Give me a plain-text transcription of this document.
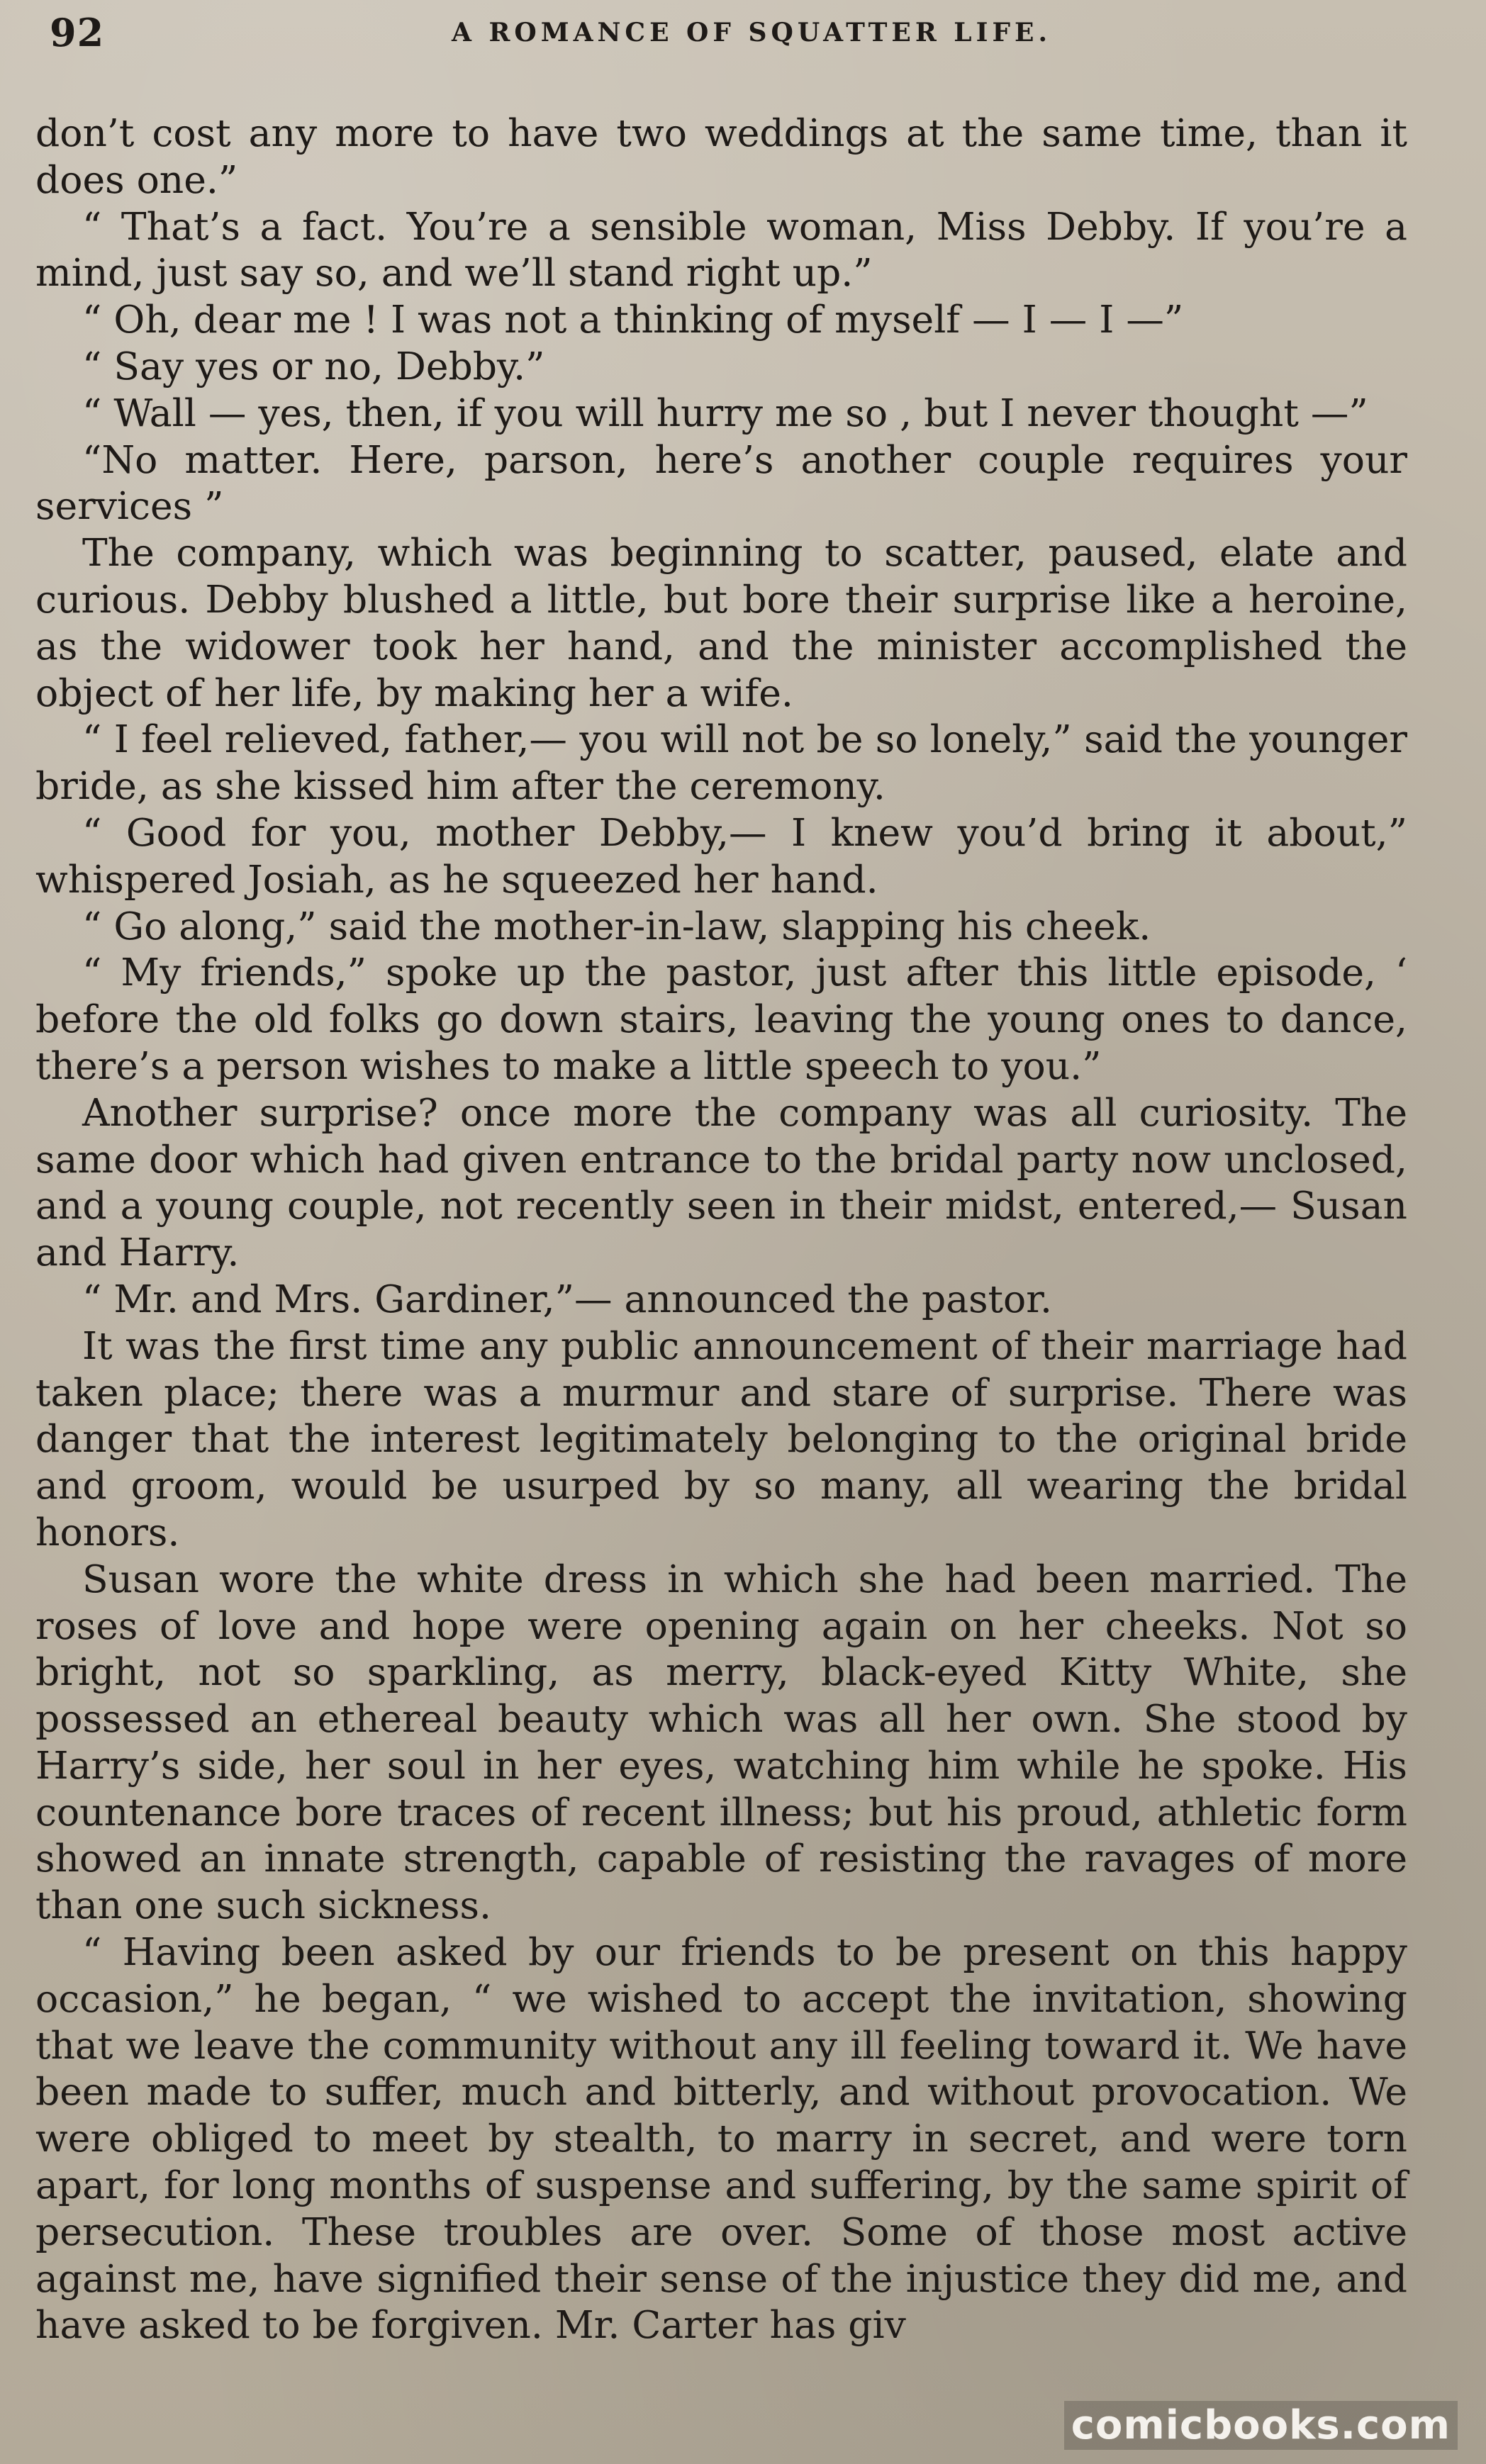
92	A ROMANCE OF SQUATTER LIFE.

don’t cost any more to have two weddings at the same time, than it does one.”

“ That’s a fact. You’re a sensible woman, Miss Debby. If you’re a mind, just say so, and we’ll stand right up.”

“ Oh, dear me ! I was not a thinking of myself — I — I —”

“ Say yes or no, Debby.”

“ Wall — yes, then, if you will hurry me so , but I never thought —”

“No matter. Here, parson, here’s another couple requires your services ”

The company, which was beginning to scatter, paused, elate and curious. Debby blushed a little, but bore their surprise like a heroine, as the widower took her hand, and the minister accomplished the object of her life, by making her a wife.

“ I feel relieved, father,— you will not be so lonely,” said the younger bride, as she kissed him after the ceremony.

“ Good for you, mother Debby,— I knew you’d bring it about,” whispered Josiah, as he squeezed her hand.

“ Go along,” said the mother-in-law, slapping his cheek.

“ My friends,” spoke up the pastor, just after this little episode, ‘ before the old folks go down stairs, leaving the young ones to dance, there’s a person wishes to make a little speech to you.”

Another surprise? once more the company was all curiosity. The same door which had given entrance to the bridal party now unclosed, and a young couple, not recently seen in their midst, entered,— Susan and Harry.

“ Mr. and Mrs. Gardiner,”— announced the pastor.

It was the first time any public announcement of their marriage had taken place; there was a murmur and stare of surprise. There was danger that the interest legitimately belonging to the original bride and groom, would be usurped by so many, all wearing the bridal honors.

Susan wore the white dress in which she had been married. The roses of love and hope were opening again on her cheeks. Not so bright, not so sparkling, as merry, black-eyed Kitty White, she possessed an ethereal beauty which was all her own. She stood by Harry’s side, her soul in her eyes, watching him while he spoke. His countenance bore traces of recent illness; but his proud, athletic form showed an innate strength, capable of resisting the ravages of more than one such sickness.

“ Having been asked by our friends to be present on this happy occasion,” he began, “ we wished to accept the invitation, showing that we leave the community without any ill feeling toward it. We have been made to suffer, much and bitterly, and without provocation. We were obliged to meet by stealth, to marry in secret, and were torn apart, for long months of suspense and suffering, by the same spirit of persecution. These troubles are over. Some of those most active against me, have signified their sense of the injustice they did me, and have asked to be forgiven. Mr. Carter has giv

comicbooks.com
